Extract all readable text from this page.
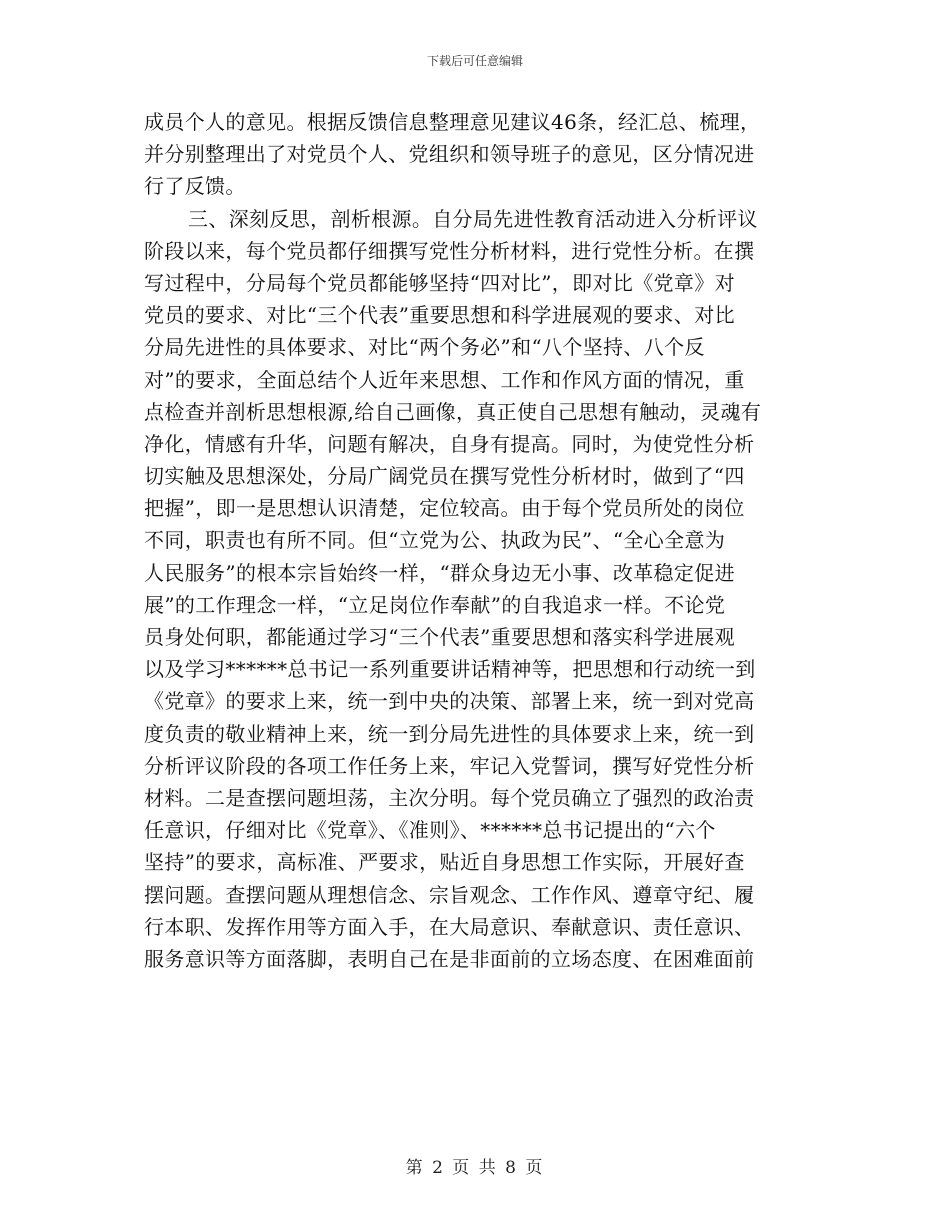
下载后可任意编辑
成员个人的意见。根据反馈信息整理意见建议46条，经汇总、梳理，
并分别整理出了对党员个人、党组织和领导班子的意见，区分情况进
行了反馈。
三、深刻反思，剖析根源。自分局先进性教育活动进入分析评议
阶段以来，每个党员都仔细撰写党性分析材料，进行党性分析。在撰
写过程中，分局每个党员都能够坚持“四对比”，即对比《党章》对
党员的要求、对比“三个代表”重要思想和科学进展观的要求、对比
分局先进性的具体要求、对比“两个务必”和“八个坚持、八个反
对”的要求，全面总结个人近年来思想、工作和作风方面的情况，重
点检查并剖析思想根源,给自己画像，真正使自己思想有触动，灵魂有
净化，情感有升华，问题有解决，自身有提高。同时，为使党性分析
切实触及思想深处，分局广阔党员在撰写党性分析材时，做到了“四
把握”，即一是思想认识清楚，定位较高。由于每个党员所处的岗位
不同，职责也有所不同。但“立党为公、执政为民”、“全心全意为
人民服务”的根本宗旨始终一样，“群众身边无小事、改革稳定促进
展”的工作理念一样，“立足岗位作奉献”的自我追求一样。不论党
员身处何职，都能通过学习“三个代表”重要思想和落实科学进展观
以及学习******总书记一系列重要讲话精神等，把思想和行动统一到
《党章》的要求上来，统一到中央的决策、部署上来，统一到对党高
度负责的敬业精神上来，统一到分局先进性的具体要求上来，统一到
分析评议阶段的各项工作任务上来，牢记入党誓词，撰写好党性分析
材料。二是查摆问题坦荡，主次分明。每个党员确立了强烈的政治责
任意识，仔细对比《党章》、《准则》、******总书记提出的“六个
坚持”的要求，高标准、严要求，贴近自身思想工作实际，开展好查
摆问题。查摆问题从理想信念、宗旨观念、工作作风、遵章守纪、履
行本职、发挥作用等方面入手，在大局意识、奉献意识、责任意识、
服务意识等方面落脚，表明自己在是非面前的立场态度、在困难面前
第 2 页 共 8 页
